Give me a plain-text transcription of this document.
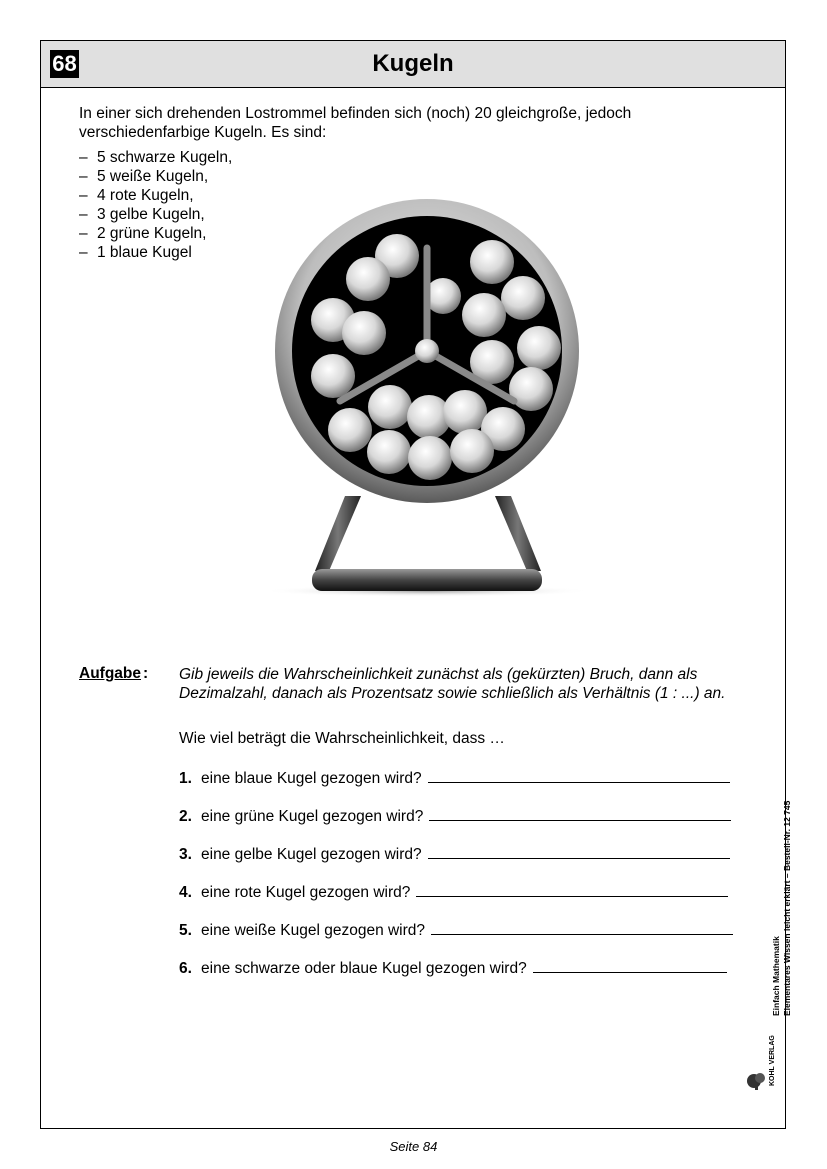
Kugeln
68
In einer sich drehenden Lostrommel befinden sich (noch) 20 gleichgroße, jedoch verschiedenfarbige Kugeln. Es sind:
– 5 schwarze Kugeln,
– 5 weiße Kugeln,
– 4 rote Kugeln,
– 3 gelbe Kugeln,
– 2 grüne Kugeln,
– 1 blaue Kugel
Aufgabe : Gib jeweils die Wahrscheinlichkeit zunächst als (gekürzten) Bruch, dann als Dezimalzahl, danach als Prozentsatz sowie schließlich als Verhältnis (1 : ...) an.
Wie viel beträgt die Wahrscheinlichkeit, dass …
1. eine blaue Kugel gezogen wird?
2. eine grüne Kugel gezogen wird?
3. eine gelbe Kugel gezogen wird?
4. eine rote Kugel gezogen wird?
5. eine weiße Kugel gezogen wird?
6. eine schwarze oder blaue Kugel gezogen wird?	Einfach Mathematik Elementares Wissen leicht erklärt – Bestell-Nr. 12 745
KOHL VERLAG
Seite 84
